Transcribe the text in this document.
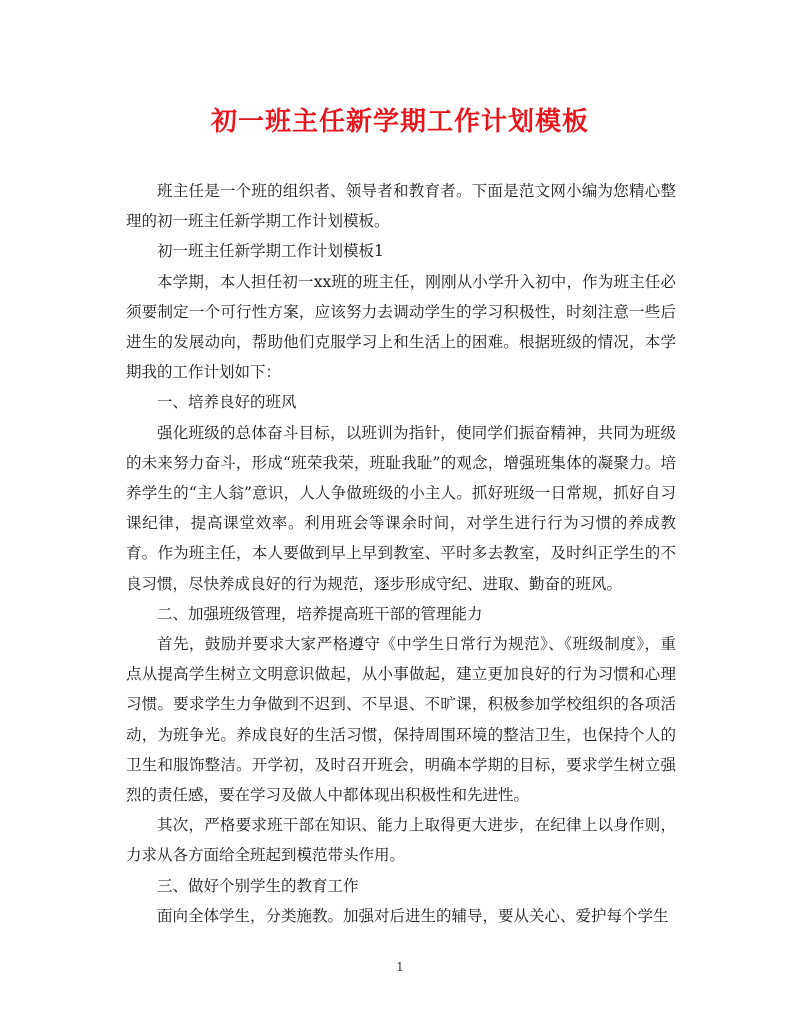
初一班主任新学期工作计划模板

班主任是一个班的组织者、领导者和教育者。下面是范文网小编为您精心整理的初一班主任新学期工作计划模板。

初一班主任新学期工作计划模板1

本学期，本人担任初一xx班的班主任，刚刚从小学升入初中，作为班主任必须要制定一个可行性方案，应该努力去调动学生的学习积极性，时刻注意一些后进生的发展动向，帮助他们克服学习上和生活上的困难。根据班级的情况，本学期我的工作计划如下：

一、培养良好的班风

强化班级的总体奋斗目标，以班训为指针，使同学们振奋精神，共同为班级的未来努力奋斗，形成“班荣我荣，班耻我耻”的观念，增强班集体的凝聚力。培养学生的“主人翁”意识，人人争做班级的小主人。抓好班级一日常规，抓好自习课纪律，提高课堂效率。利用班会等课余时间，对学生进行行为习惯的养成教育。作为班主任，本人要做到早上早到教室、平时多去教室，及时纠正学生的不良习惯，尽快养成良好的行为规范，逐步形成守纪、进取、勤奋的班风。

二、加强班级管理，培养提高班干部的管理能力

首先，鼓励并要求大家严格遵守《中学生日常行为规范》、《班级制度》，重点从提高学生树立文明意识做起，从小事做起，建立更加良好的行为习惯和心理习惯。要求学生力争做到不迟到、不早退、不旷课，积极参加学校组织的各项活动，为班争光。养成良好的生活习惯，保持周围环境的整洁卫生，也保持个人的卫生和服饰整洁。开学初，及时召开班会，明确本学期的目标，要求学生树立强烈的责任感，要在学习及做人中都体现出积极性和先进性。

其次，严格要求班干部在知识、能力上取得更大进步，在纪律上以身作则，力求从各方面给全班起到模范带头作用。

三、做好个别学生的教育工作

面向全体学生，分类施教。加强对后进生的辅导，要从关心、爱护每个学生

1
